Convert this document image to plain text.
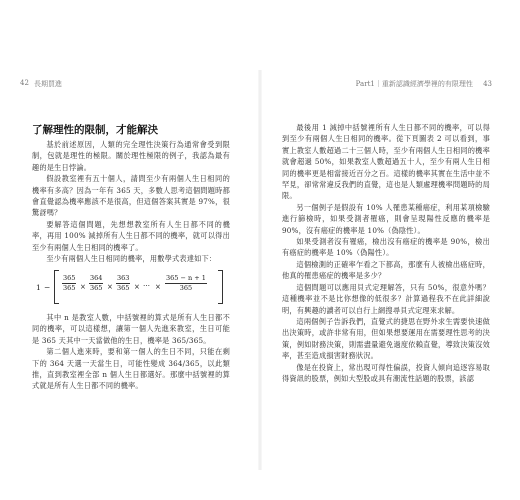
42 長期買進
了解理性的限制，才能解決

基於前述原因，人類的完全理性決策行為通常會受到限制，包就是理性的極限。關於理性極限的例子，我認為最有趣的是生日悖論。

假設教室裡有五十個人，請問至少有兩個人生日相同的機率有多高？因為一年有 365 天，多數人思考這個問題時都會直覺認為機率應該不是很高，但這個答案其實是 97%，很驚訝嗎？

要解答這個問題，先想想教室所有人生日都不同的機率，再用 100% 減掉所有人生日都不同的機率，就可以得出至少有兩個人生日相同的機率了。

至少有兩個人生日相同的機率，用數學式表達如下：

$1 - \frac{365}{365} \times \frac{364}{365} \times \frac{363}{365}$ × ⋯ × $\frac{365 - n + 1}{365}$

其中 n 是教室人數，中括號裡的算式是所有人生日都不同的機率，可以這樣想，讓第一個人先進來教室，生日可能是 365 天其中一天當做他的生日，機率是 365/365。

第二個人進來時，要和第一個人的生日不同，只能在剩下的 364 天選一天當生日，可能性變成 364/365，以此類推，直到教室裡全部 n 個人生日都選好。那麼中括號裡的算式就是所有人生日都不同的機率。

Part1｜重新認識經濟學裡的有限理性 43

最後用 1 減掉中括號裡所有人生日都不同的機率，可以得到至少有兩個人生日相同的機率。從下頁圖表 2 可以看到，事實上教室人數超過二十三個人時，至少有兩個人生日相同的機率就會超過 50%，如果教室人數超過五十人，至少有兩人生日相同的機率更是相當接近百分之百。這樣的機率其實在生活中並不罕見，卻常常違反我們的直覺，這也是人類處理機率問題時的局限。

另一個例子是假設有 10% 人罹患某種癌症，利用某項檢驗進行篩檢時，如果受測者罹癌，則會呈現陽性反應的機率是 90%，沒有癌症的機率是 10%（偽陰性）。

如果受測者沒有罹癌，檢出沒有癌症的機率是 90%，檢出有癌症的機率是 10%（偽陽性）。

這個檢測的正確率乍看之下都高，那麼有人被檢出癌症時，他真的罹患癌症的機率是多少？

這個問題可以應用貝式定理解答，只有 50%，很意外嗎？這種機率並不是比你想像的低很多？計算過程我不在此詳細說明，有興趣的讀者可以自行上網搜尋貝式定理來求解。

這兩個例子告訴我們，直覺式的捷思在野外求生需要快速做出決策時，或許非常有用，但如果想要運用在需要理性思考的決策，例如財務決策，則需盡量避免過度依賴直覺，導致決策沒效率，甚至造成損害財務狀況。

像是在投資上，常出現可得性偏誤，投資人傾向追逐容易取得資訊的股票，例如大型股或具有潮流性話題的股票，該認
